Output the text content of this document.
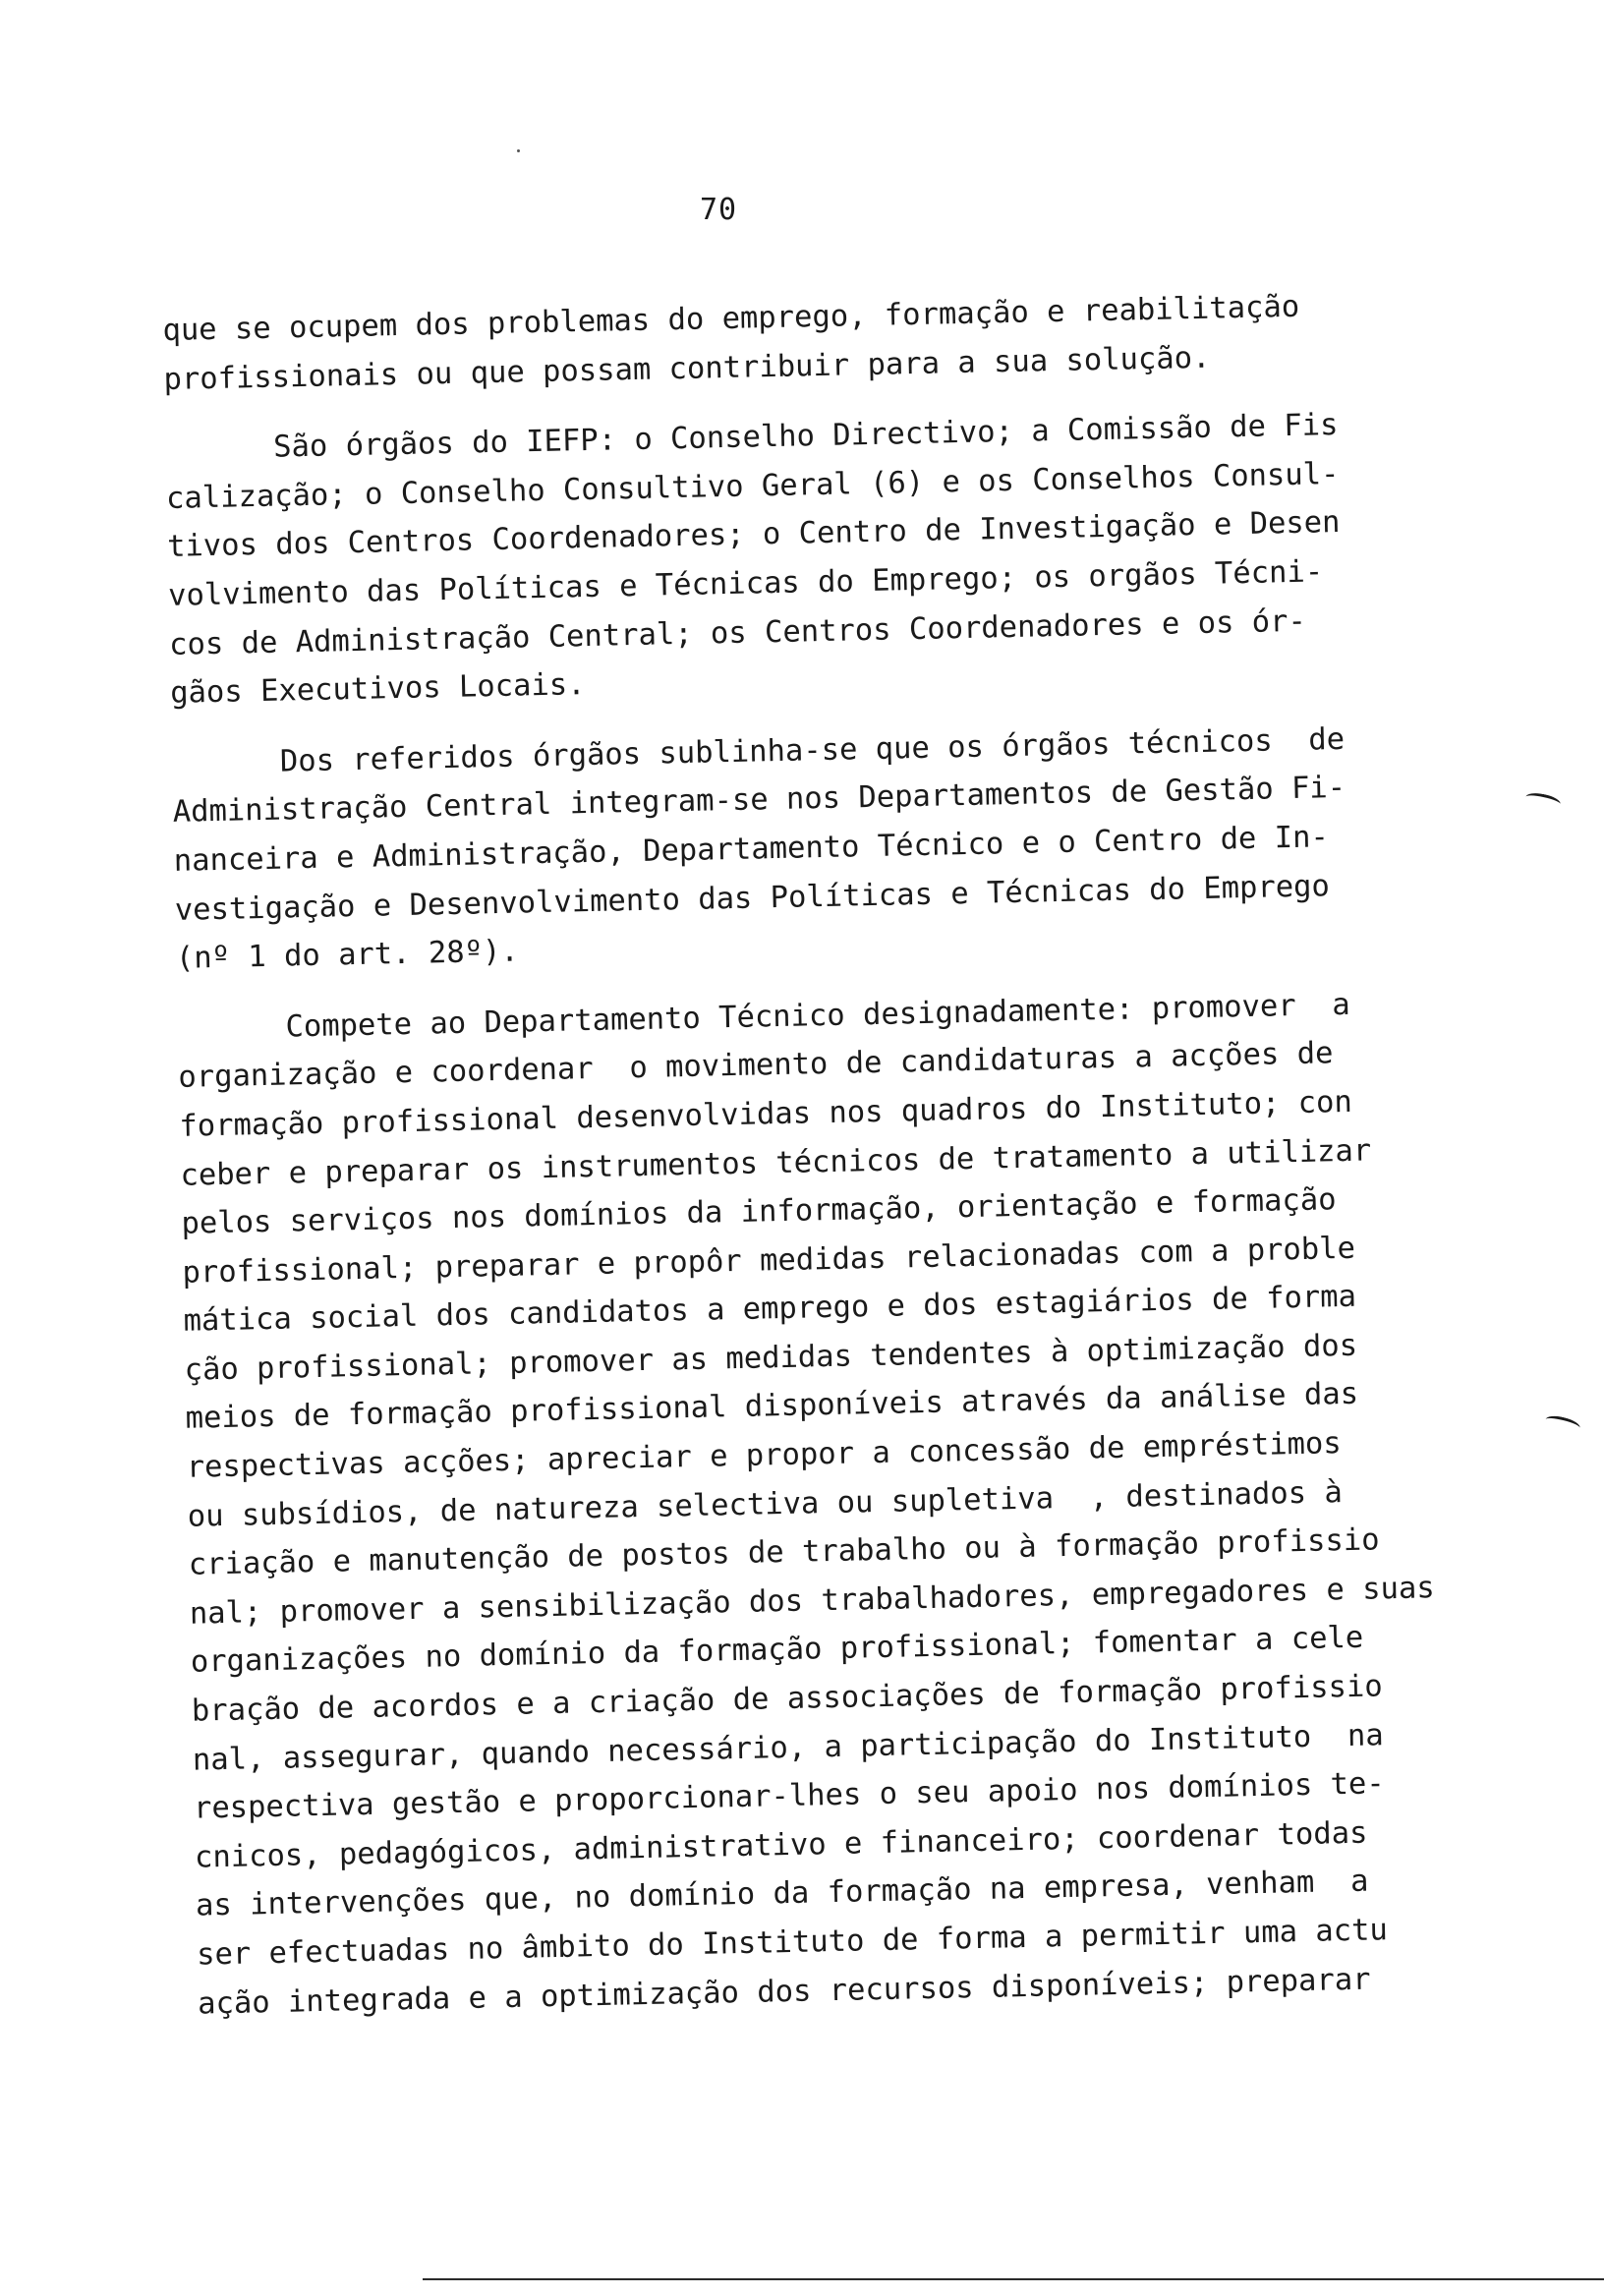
70
que se ocupem dos problemas do emprego, formação e reabilitação
profissionais ou que possam contribuir para a sua solução.
São órgãos do IEFP: o Conselho Directivo; a Comissão de Fis
calização; o Conselho Consultivo Geral (6) e os Conselhos Consul-
tivos dos Centros Coordenadores; o Centro de Investigação e Desen
volvimento das Políticas e Técnicas do Emprego; os orgãos Técni-
cos de Administração Central; os Centros Coordenadores e os ór-
gãos Executivos Locais.
Dos referidos órgãos sublinha-se que os órgãos técnicos  de
Administração Central integram-se nos Departamentos de Gestão Fi-
nanceira e Administração, Departamento Técnico e o Centro de In-
vestigação e Desenvolvimento das Políticas e Técnicas do Emprego
(nº 1 do art. 28º).
Compete ao Departamento Técnico designadamente: promover  a
organização e coordenar  o movimento de candidaturas a acções de
formação profissional desenvolvidas nos quadros do Instituto; con
ceber e preparar os instrumentos técnicos de tratamento a utilizar
pelos serviços nos domínios da informação, orientação e formação
profissional; preparar e propôr medidas relacionadas com a proble
mática social dos candidatos a emprego e dos estagiários de forma
ção profissional; promover as medidas tendentes à optimização dos
meios de formação profissional disponíveis através da análise das
respectivas acções; apreciar e propor a concessão de empréstimos
ou subsídios, de natureza selectiva ou supletiva  , destinados à
criação e manutenção de postos de trabalho ou à formação profissio
nal; promover a sensibilização dos trabalhadores, empregadores e suas
organizações no domínio da formação profissional; fomentar a cele
bração de acordos e a criação de associações de formação profissio
nal, assegurar, quando necessário, a participação do Instituto  na
respectiva gestão e proporcionar-lhes o seu apoio nos domínios te-
cnicos, pedagógicos, administrativo e financeiro; coordenar todas
as intervenções que, no domínio da formação na empresa, venham  a
ser efectuadas no âmbito do Instituto de forma a permitir uma actu
ação integrada e a optimização dos recursos disponíveis; preparar
